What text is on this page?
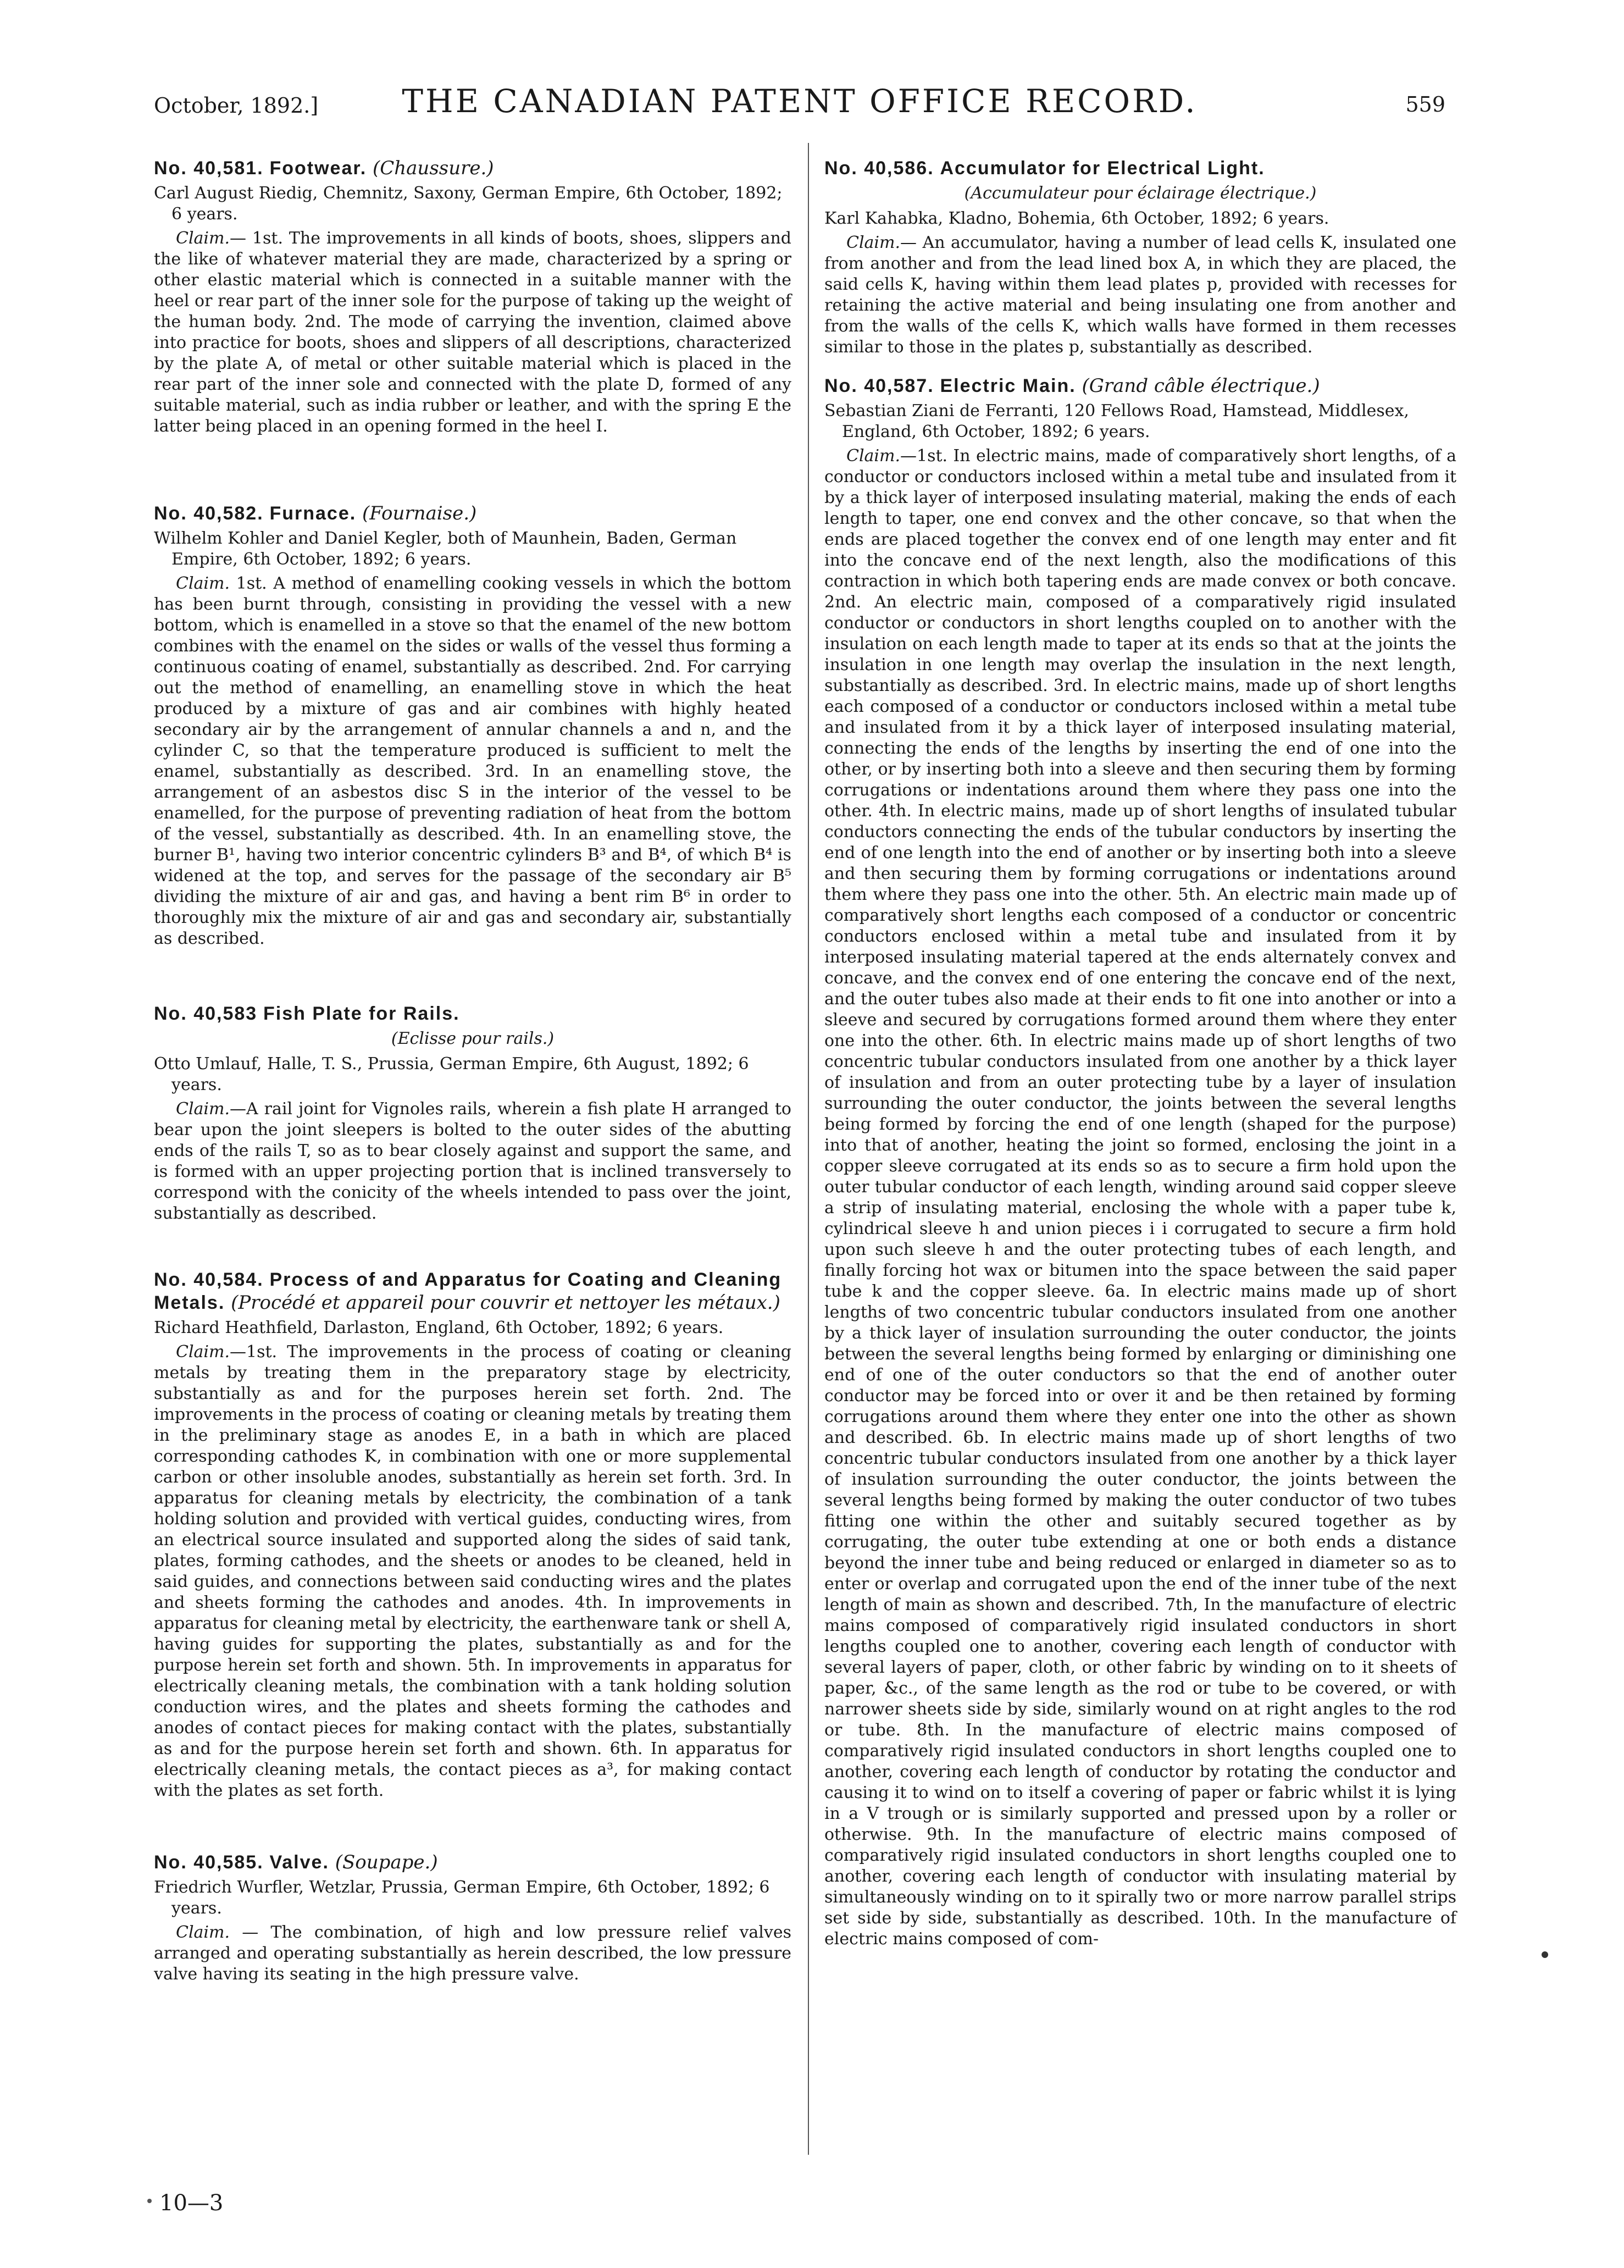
October, 1892.]	THE CANADIAN PATENT OFFICE RECORD.	559

No. 40,581. Footwear. (Chaussure.)

Carl August Riedig, Chemnitz, Saxony, German Empire, 6th October, 1892; 6 years.

Claim.— 1st. The improvements in all kinds of boots, shoes, slippers and the like of whatever material they are made, characterized by a spring or other elastic material which is connected in a suitable manner with the heel or rear part of the inner sole for the purpose of taking up the weight of the human body. 2nd. The mode of carrying the invention, claimed above into practice for boots, shoes and slippers of all descriptions, characterized by the plate A, of metal or other suitable material which is placed in the rear part of the inner sole and connected with the plate D, formed of any suitable material, such as india rubber or leather, and with the spring E the latter being placed in an opening formed in the heel I.

No. 40,582. Furnace. (Fournaise.)

Wilhelm Kohler and Daniel Kegler, both of Maunhein, Baden, German Empire, 6th October, 1892; 6 years.

Claim. 1st. A method of enamelling cooking vessels in which the bottom has been burnt through, consisting in providing the vessel with a new bottom, which is enamelled in a stove so that the enamel of the new bottom combines with the enamel on the sides or walls of the vessel thus forming a continuous coating of enamel, substantially as described. 2nd. For carrying out the method of enamelling, an enamelling stove in which the heat produced by a mixture of gas and air combines with highly heated secondary air by the arrangement of annular channels a and n, and the cylinder C, so that the temperature produced is sufficient to melt the enamel, substantially as described. 3rd. In an enamelling stove, the arrangement of an asbestos disc S in the interior of the vessel to be enamelled, for the purpose of preventing radiation of heat from the bottom of the vessel, substantially as described. 4th. In an enamelling stove, the burner B¹, having two interior concentric cylinders B³ and B⁴, of which B⁴ is widened at the top, and serves for the passage of the secondary air B⁵ dividing the mixture of air and gas, and having a bent rim B⁶ in order to thoroughly mix the mixture of air and gas and secondary air, substantially as described.

No. 40,583 Fish Plate for Rails.

(Eclisse pour rails.)

Otto Umlauf, Halle, T. S., Prussia, German Empire, 6th August, 1892; 6 years.

Claim.—A rail joint for Vignoles rails, wherein a fish plate H arranged to bear upon the joint sleepers is bolted to the outer sides of the abutting ends of the rails T, so as to bear closely against and support the same, and is formed with an upper projecting portion that is inclined transversely to correspond with the conicity of the wheels intended to pass over the joint, substantially as described.

No. 40,584. Process of and Apparatus for Coating and Cleaning Metals. (Procédé et appareil pour couvrir et nettoyer les métaux.)

Richard Heathfield, Darlaston, England, 6th October, 1892; 6 years.

Claim.—1st. The improvements in the process of coating or cleaning metals by treating them in the preparatory stage by electricity, substantially as and for the purposes herein set forth. 2nd. The improvements in the process of coating or cleaning metals by treating them in the preliminary stage as anodes E, in a bath in which are placed corresponding cathodes K, in combination with one or more supplemental carbon or other insoluble anodes, substantially as herein set forth. 3rd. In apparatus for cleaning metals by electricity, the combination of a tank holding solution and provided with vertical guides, conducting wires, from an electrical source insulated and supported along the sides of said tank, plates, forming cathodes, and the sheets or anodes to be cleaned, held in said guides, and connections between said conducting wires and the plates and sheets forming the cathodes and anodes. 4th. In improvements in apparatus for cleaning metal by electricity, the earthenware tank or shell A, having guides for supporting the plates, substantially as and for the purpose herein set forth and shown. 5th. In improvements in apparatus for electrically cleaning metals, the combination with a tank holding solution conduction wires, and the plates and sheets forming the cathodes and anodes of contact pieces for making contact with the plates, substantially as and for the purpose herein set forth and shown. 6th. In apparatus for electrically cleaning metals, the contact pieces as a³, for making contact with the plates as set forth.

No. 40,585. Valve. (Soupape.)

Friedrich Wurfler, Wetzlar, Prussia, German Empire, 6th October, 1892; 6 years.

Claim. — The combination, of high and low pressure relief valves arranged and operating substantially as herein described, the low pressure valve having its seating in the high pressure valve.

No. 40,586. Accumulator for Electrical Light.

(Accumulateur pour éclairage électrique.)

Karl Kahabka, Kladno, Bohemia, 6th October, 1892; 6 years.

Claim.— An accumulator, having a number of lead cells K, insulated one from another and from the lead lined box A, in which they are placed, the said cells K, having within them lead plates p, provided with recesses for retaining the active material and being insulating one from another and from the walls of the cells K, which walls have formed in them recesses similar to those in the plates p, substantially as described.

No. 40,587. Electric Main. (Grand câble électrique.)

Sebastian Ziani de Ferranti, 120 Fellows Road, Hamstead, Middlesex, England, 6th October, 1892; 6 years.

Claim.—1st. In electric mains, made of comparatively short lengths, of a conductor or conductors inclosed within a metal tube and insulated from it by a thick layer of interposed insulating material, making the ends of each length to taper, one end convex and the other concave, so that when the ends are placed together the convex end of one length may enter and fit into the concave end of the next length, also the modifications of this contraction in which both tapering ends are made convex or both concave. 2nd. An electric main, composed of a comparatively rigid insulated conductor or conductors in short lengths coupled on to another with the insulation on each length made to taper at its ends so that at the joints the insulation in one length may overlap the insulation in the next length, substantially as described. 3rd. In electric mains, made up of short lengths each composed of a conductor or conductors inclosed within a metal tube and insulated from it by a thick layer of interposed insulating material, connecting the ends of the lengths by inserting the end of one into the other, or by inserting both into a sleeve and then securing them by forming corrugations or indentations around them where they pass one into the other. 4th. In electric mains, made up of short lengths of insulated tubular conductors connecting the ends of the tubular conductors by inserting the end of one length into the end of another or by inserting both into a sleeve and then securing them by forming corrugations or indentations around them where they pass one into the other. 5th. An electric main made up of comparatively short lengths each composed of a conductor or concentric conductors enclosed within a metal tube and insulated from it by interposed insulating material tapered at the ends alternately convex and concave, and the convex end of one entering the concave end of the next, and the outer tubes also made at their ends to fit one into another or into a sleeve and secured by corrugations formed around them where they enter one into the other. 6th. In electric mains made up of short lengths of two concentric tubular conductors insulated from one another by a thick layer of insulation and from an outer protecting tube by a layer of insulation surrounding the outer conductor, the joints between the several lengths being formed by forcing the end of one length (shaped for the purpose) into that of another, heating the joint so formed, enclosing the joint in a copper sleeve corrugated at its ends so as to secure a firm hold upon the outer tubular conductor of each length, winding around said copper sleeve a strip of insulating material, enclosing the whole with a paper tube k, cylindrical sleeve h and union pieces i i corrugated to secure a firm hold upon such sleeve h and the outer protecting tubes of each length, and finally forcing hot wax or bitumen into the space between the said paper tube k and the copper sleeve. 6a. In electric mains made up of short lengths of two concentric tubular conductors insulated from one another by a thick layer of insulation surrounding the outer conductor, the joints between the several lengths being formed by enlarging or diminishing one end of one of the outer conductors so that the end of another outer conductor may be forced into or over it and be then retained by forming corrugations around them where they enter one into the other as shown and described. 6b. In electric mains made up of short lengths of two concentric tubular conductors insulated from one another by a thick layer of insulation surrounding the outer conductor, the joints between the several lengths being formed by making the outer conductor of two tubes fitting one within the other and suitably secured together as by corrugating, the outer tube extending at one or both ends a distance beyond the inner tube and being reduced or enlarged in diameter so as to enter or overlap and corrugated upon the end of the inner tube of the next length of main as shown and described. 7th, In the manufacture of electric mains composed of comparatively rigid insulated conductors in short lengths coupled one to another, covering each length of conductor with several layers of paper, cloth, or other fabric by winding on to it sheets of paper, &c., of the same length as the rod or tube to be covered, or with narrower sheets side by side, similarly wound on at right angles to the rod or tube. 8th. In the manufacture of electric mains composed of comparatively rigid insulated conductors in short lengths coupled one to another, covering each length of conductor by rotating the conductor and causing it to wind on to itself a covering of paper or fabric whilst it is lying in a V trough or is similarly supported and pressed upon by a roller or otherwise. 9th. In the manufacture of electric mains composed of comparatively rigid insulated conductors in short lengths coupled one to another, covering each length of conductor with insulating material by simultaneously winding on to it spirally two or more narrow parallel strips set side by side, substantially as described. 10th. In the manufacture of electric mains composed of com-

10—3
